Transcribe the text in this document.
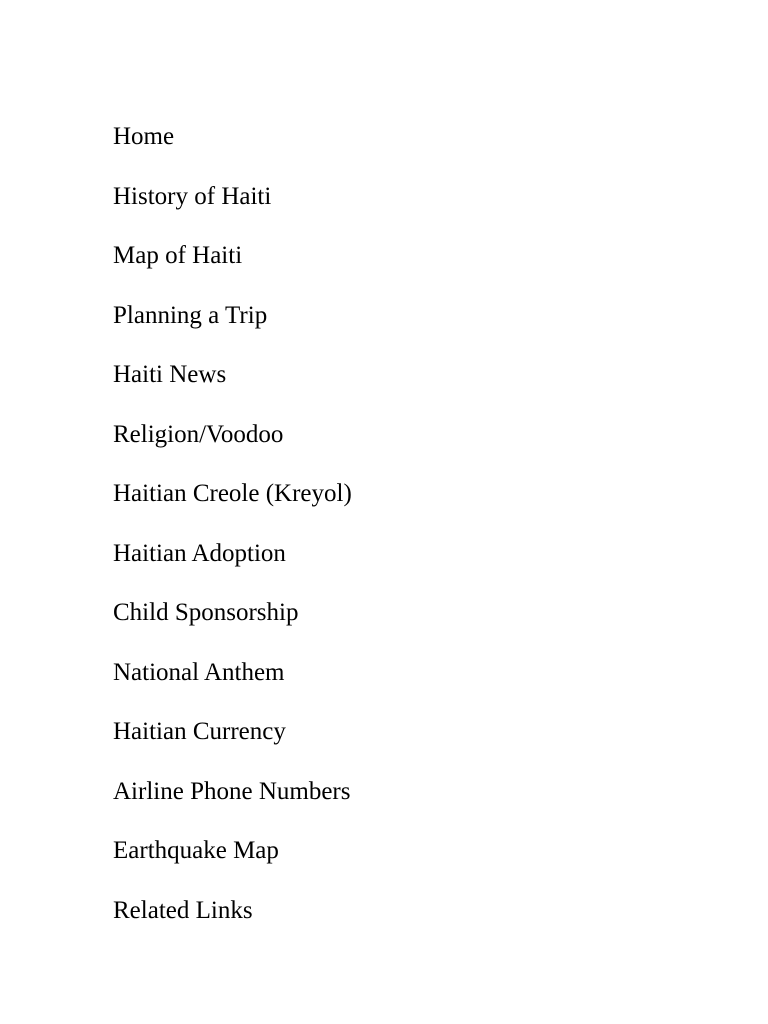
Home
History of Haiti
Map of Haiti
Planning a Trip
Haiti News
Religion/Voodoo
Haitian Creole (Kreyol)
Haitian Adoption
Child Sponsorship
National Anthem
Haitian Currency
Airline Phone Numbers
Earthquake Map
Related Links
